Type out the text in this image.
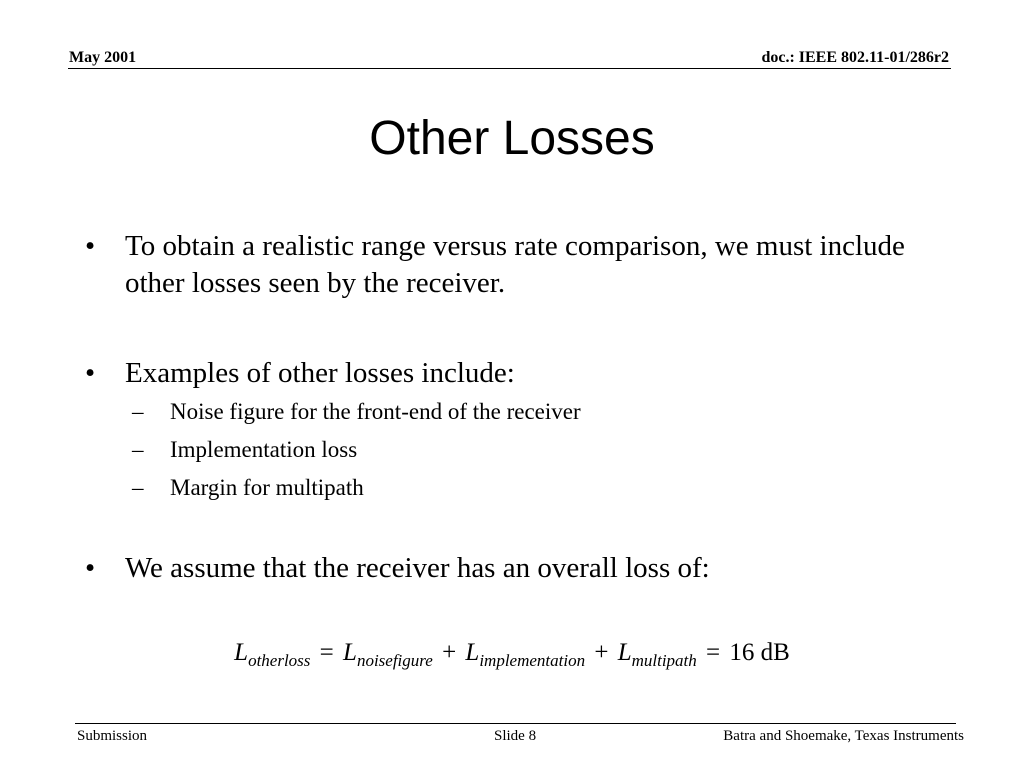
May 2001	doc.: IEEE 802.11-01/286r2
Other Losses
• To obtain a realistic range versus rate comparison, we must include other losses seen by the receiver.
• Examples of other losses include:
– Noise figure for the front-end of the receiver
– Implementation loss
– Margin for multipath
• We assume that the receiver has an overall loss of:
$L_{otherloss} = L_{noisefigure} + L_{implementation} + L_{multipath} = 16$ dB
Submission	Slide 8	Batra and Shoemake, Texas Instruments
